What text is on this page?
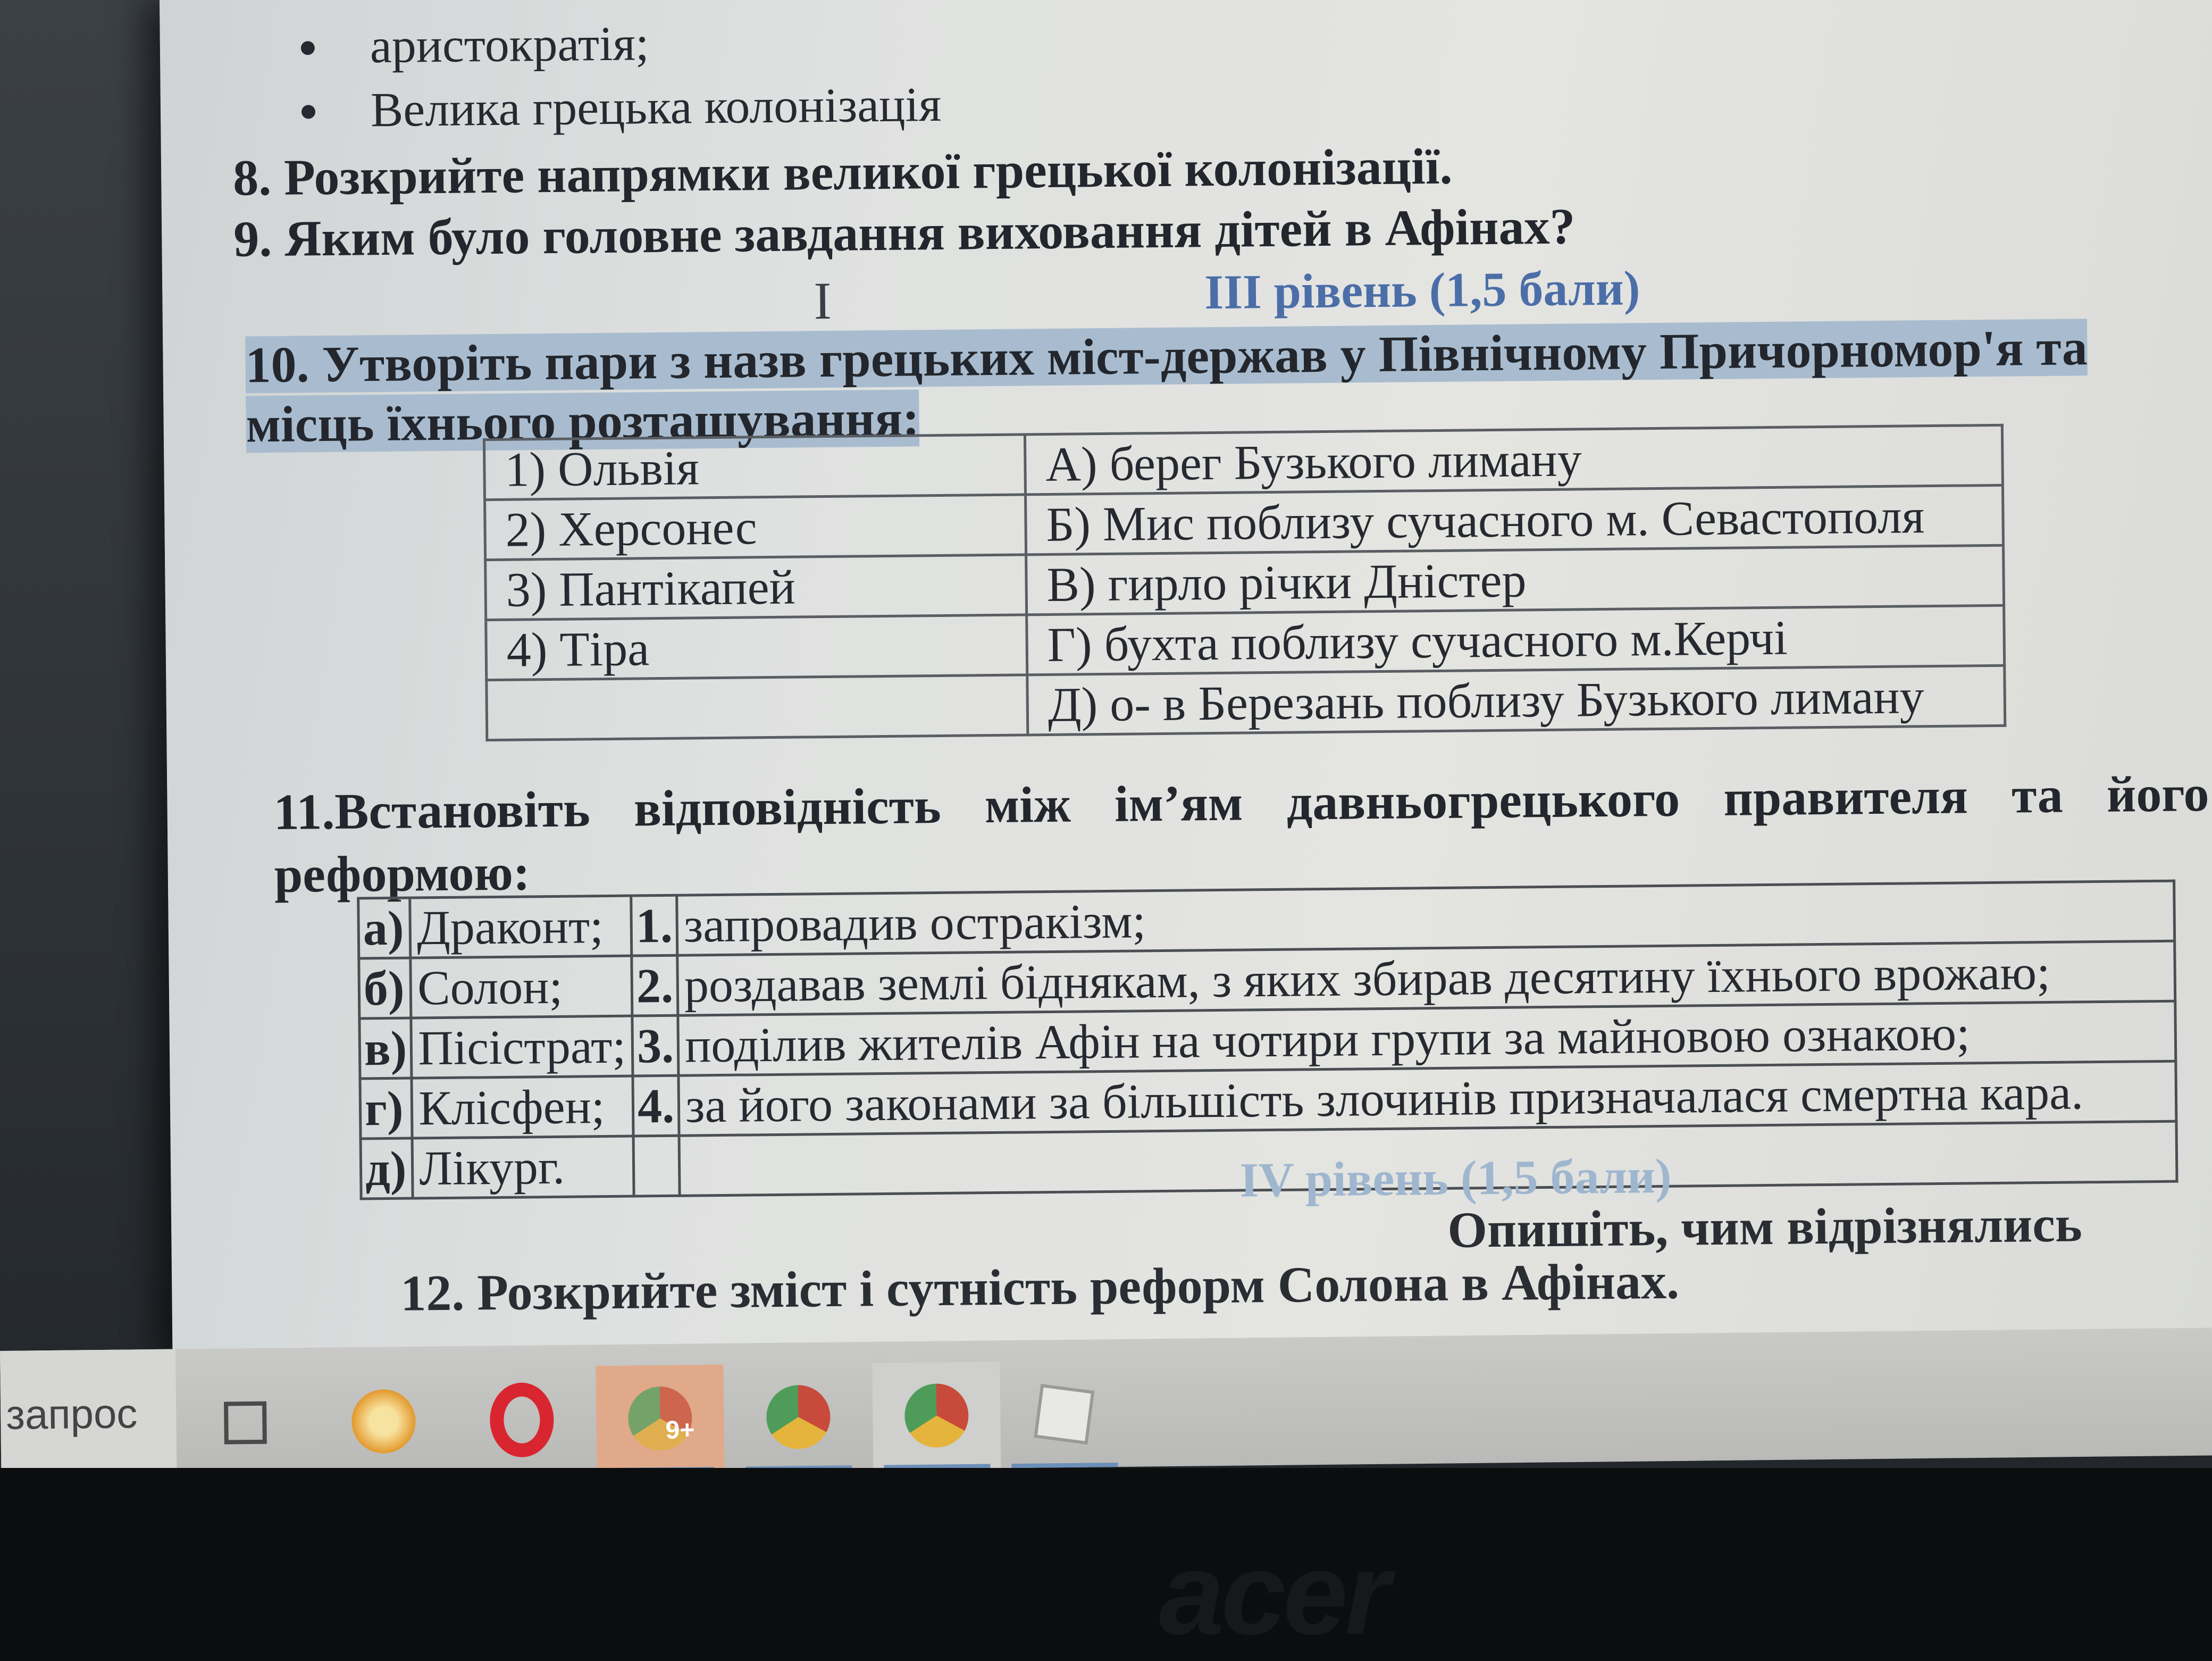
аристократія;
Велика грецька колонізація
8. Розкрийте напрямки великої грецької колонізації.
9. Яким було головне завдання виховання дітей в Афінах?
ІІІ рівень (1,5 бали)
I
10. Утворіть пари з назв грецьких міст-держав у Північному Причорномор'я та місць їхнього розташування:
1) Ольвія	А) берег Бузького лиману
2) Херсонес	Б) Мис поблизу сучасного м. Севастополя
3) Пантікапей	В) гирло річки Дністер
4) Тіра	Г) бухта поблизу сучасного м.Керчі
	Д) о- в Березань поблизу Бузького лиману
11.Встановіть відповідність між ім’ям давньогрецького правителя та його
реформою:
а)	Драконт;	1.	запровадив остракізм;
б)	Солон;	2.	роздавав землі біднякам, з яких збирав десятину їхнього врожаю;
в)	Пісістрат;	3.	поділив жителів Афін на чотири групи за майновою ознакою;
г)	Клісфен;	4.	за його законами за більшість злочинів призначалася смертна кара.
д)	Лікург.			IV рівень (1,5 бали)
Опишіть, чим відрізнялись
12. Розкрийте зміст і сутність реформ Солона в Афінах.
запрос	9+
acer
